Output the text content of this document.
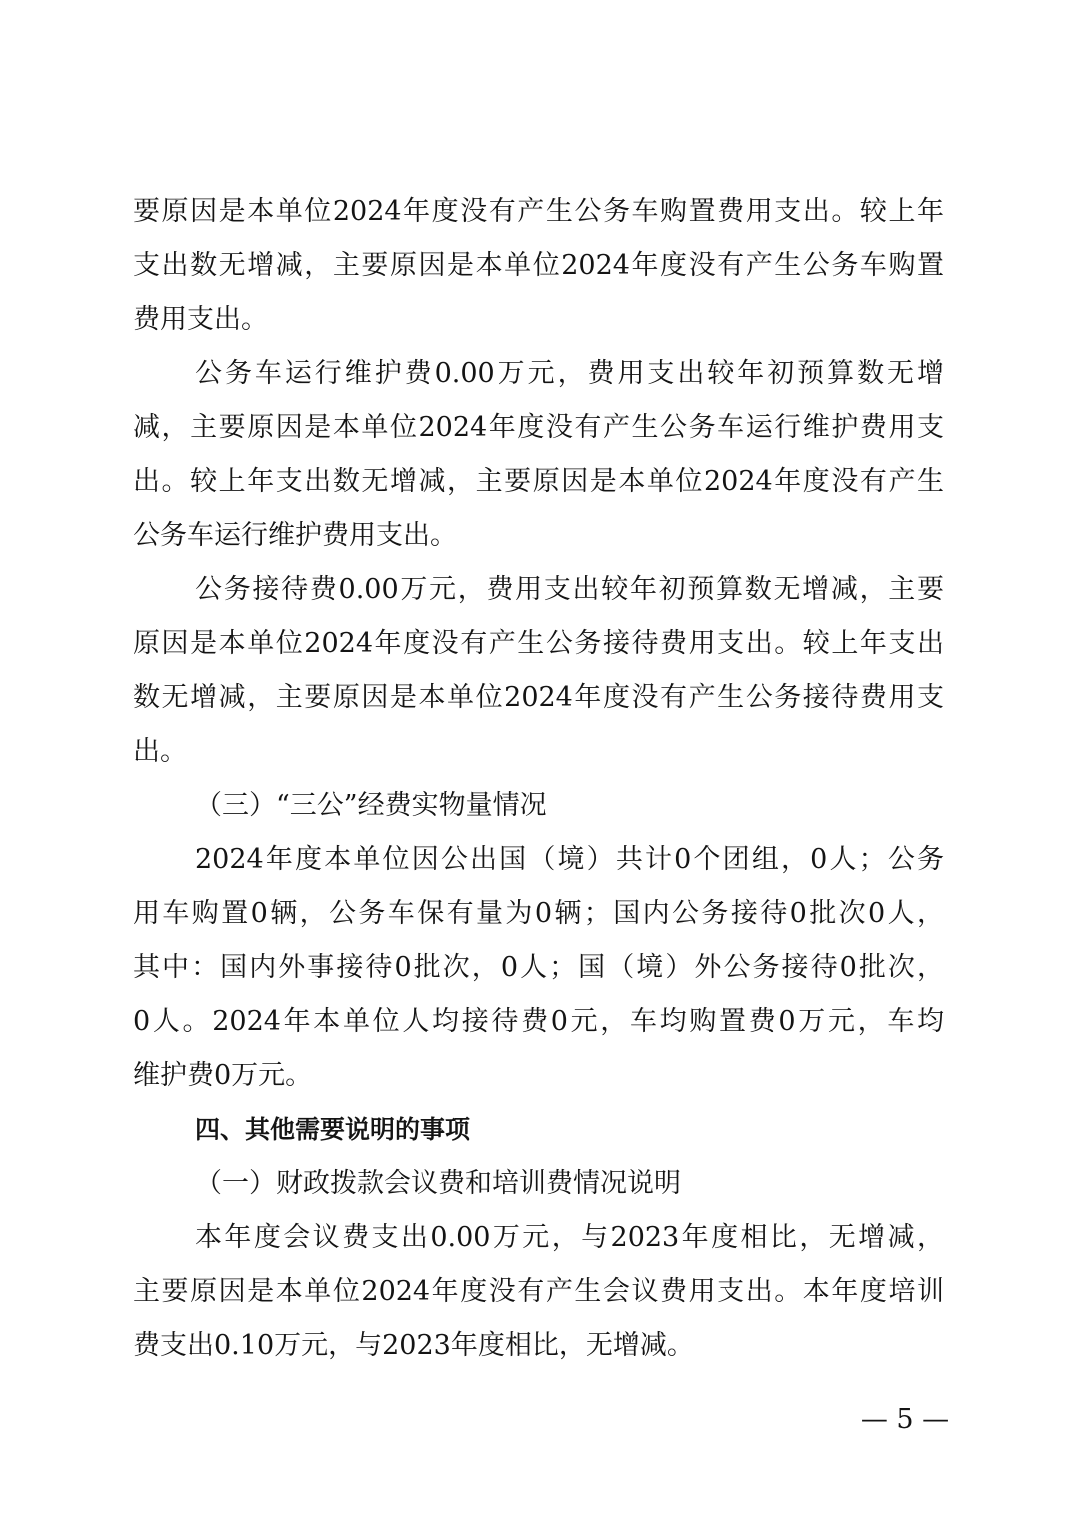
要原因是本单位2024年度没有产生公务车购置费用支出。较上年
支出数无增减，主要原因是本单位2024年度没有产生公务车购置
费用支出。
公务车运行维护费0.00万元，费用支出较年初预算数无增
减，主要原因是本单位2024年度没有产生公务车运行维护费用支
出。较上年支出数无增减，主要原因是本单位2024年度没有产生
公务车运行维护费用支出。
公务接待费0.00万元，费用支出较年初预算数无增减，主要
原因是本单位2024年度没有产生公务接待费用支出。较上年支出
数无增减，主要原因是本单位2024年度没有产生公务接待费用支
出。
（三）“三公”经费实物量情况
2024年度本单位因公出国（境）共计0个团组，0人；公务
用车购置0辆，公务车保有量为0辆；国内公务接待0批次0人，
其中：国内外事接待0批次，0人；国（境）外公务接待0批次，
0人。2024年本单位人均接待费0元，车均购置费0万元，车均
维护费0万元。
四、其他需要说明的事项
（一）财政拨款会议费和培训费情况说明
本年度会议费支出0.00万元，与2023年度相比，无增减，
主要原因是本单位2024年度没有产生会议费用支出。本年度培训
费支出0.10万元，与2023年度相比，无增减。
— 5 —
